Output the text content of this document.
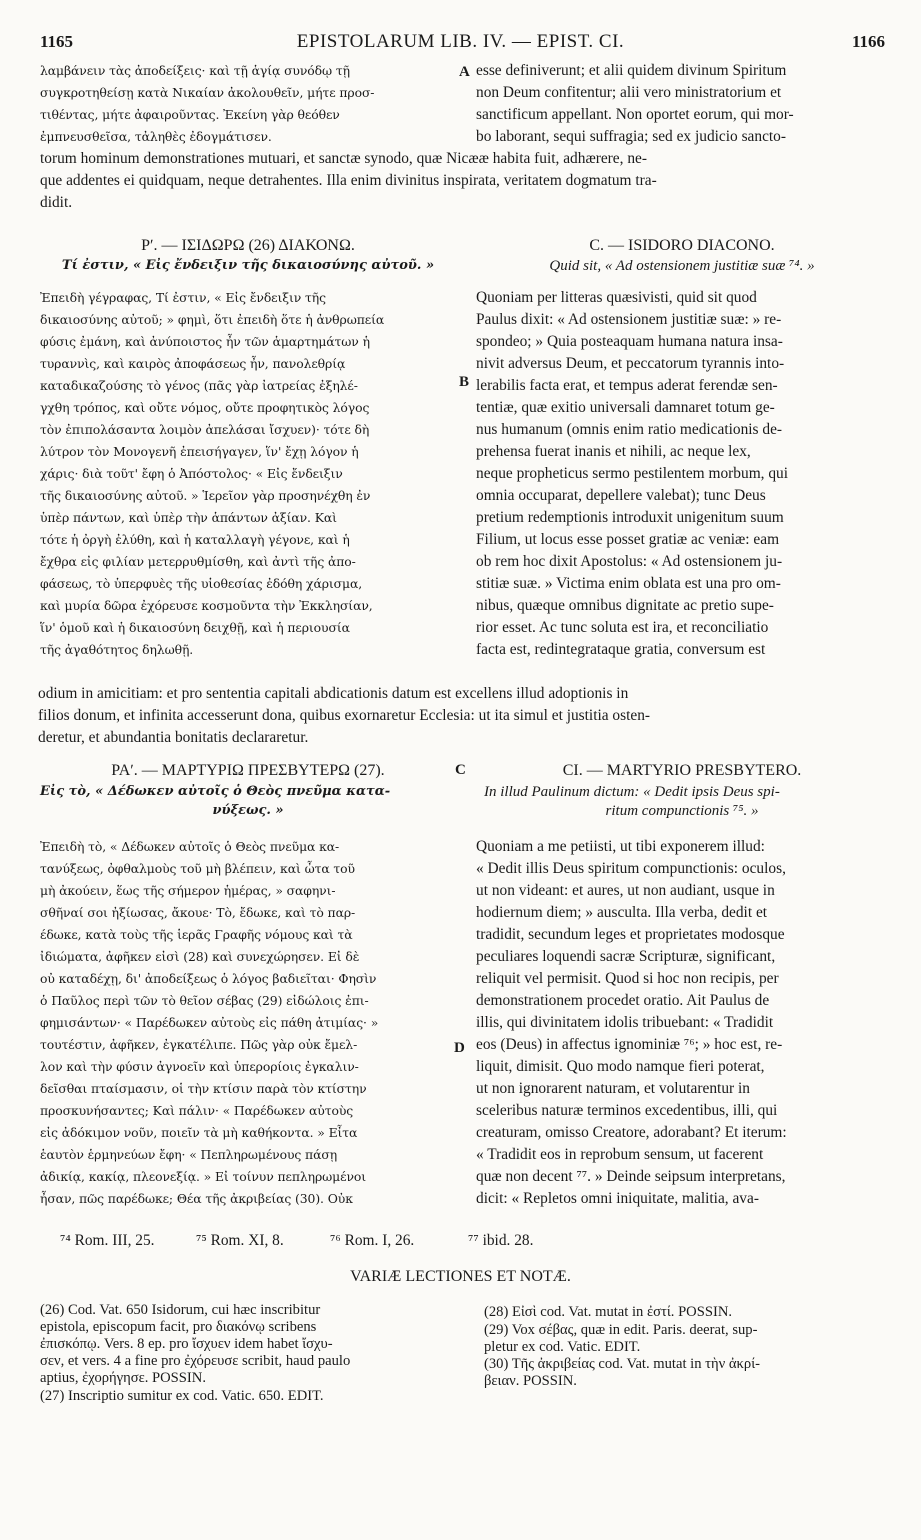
1165	EPISTOLARUM LIB. IV. — EPIST. CI.	1166
A
B
C
D
λαμβάνειν τὰς ἀποδείξεις· καὶ τῇ ἁγίᾳ συνόδῳ τῇ
συγκροτηθείσῃ κατὰ Νικαίαν ἀκολουθεῖν, μήτε προσ-
τιθέντας, μήτε ἀφαιροῦντας. Ἐκείνη γὰρ θεόθεν
ἐμπνευσθεῖσα, τἀληθὲς ἐδογμάτισεν.
esse definiverunt; et alii quidem divinum Spiritum
non Deum confitentur; alii vero ministratorium et
sanctificum appellant. Non oportet eorum, qui mor-
bo laborant, sequi suffragia; sed ex judicio sancto-
torum hominum demonstrationes mutuari, et sanctæ synodo, quæ Nicææ habita fuit, adhærere, ne-
que addentes ei quidquam, neque detrahentes. Illa enim divinitus inspirata, veritatem dogmatum tra-
didit.
Ρʹ. — ΙΣΙΔΩΡΩ (26) ΔΙΑΚΟΝΩ.
Τί ἐστιν, « Εἰς ἔνδειξιν τῆς δικαιοσύνης αὐτοῦ. »
C. — ISIDORO DIACONO.
Quid sit, « Ad ostensionem justitiæ suæ ⁷⁴. »
Ἐπειδὴ γέγραφας, Τί ἐστιν, « Εἰς ἔνδειξιν τῆς
δικαιοσύνης αὐτοῦ; » φημὶ, ὅτι ἐπειδὴ ὅτε ἡ ἀνθρωπεία
φύσις ἐμάνη, καὶ ἀνύποιστος ἦν τῶν ἁμαρτημάτων ἡ
τυραννὶς, καὶ καιρὸς ἀποφάσεως ἦν, πανολεθρίᾳ
καταδικαζούσης τὸ γένος (πᾶς γὰρ ἰατρείας ἐξηλέ-
γχθη τρόπος, καὶ οὔτε νόμος, οὔτε προφητικὸς λόγος
τὸν ἐπιπολάσαντα λοιμὸν ἀπελάσαι ἴσχυεν)· τότε δὴ
λύτρον τὸν Μονογενῆ ἐπεισήγαγεν, ἵν' ἔχῃ λόγον ἡ
χάρις· διὰ τοῦτ' ἔφη ὁ Ἀπόστολος· « Εἰς ἔνδειξιν
τῆς δικαιοσύνης αὐτοῦ. » Ἱερεῖον γὰρ προσηνέχθη ἐν
ὑπὲρ πάντων, καὶ ὑπὲρ τὴν ἁπάντων ἀξίαν. Καὶ
τότε ἡ ὀργὴ ἐλύθη, καὶ ἡ καταλλαγὴ γέγονε, καὶ ἡ
ἔχθρα εἰς φιλίαν μετερρυθμίσθη, καὶ ἀντὶ τῆς ἀπο-
φάσεως, τὸ ὑπερφυὲς τῆς υἱοθεσίας ἐδόθη χάρισμα,
καὶ μυρία δῶρα ἐχόρευσε κοσμοῦντα τὴν Ἐκκλησίαν,
ἵν' ὁμοῦ καὶ ἡ δικαιοσύνη δειχθῇ, καὶ ἡ περιουσία
τῆς ἀγαθότητος δηλωθῇ.
Quoniam per litteras quæsivisti, quid sit quod
Paulus dixit: « Ad ostensionem justitiæ suæ: » re-
spondeo; » Quia posteaquam humana natura insa-
nivit adversus Deum, et peccatorum tyrannis into-
lerabilis facta erat, et tempus aderat ferendæ sen-
tentiæ, quæ exitio universali damnaret totum ge-
nus humanum (omnis enim ratio medicationis de-
prehensa fuerat inanis et nihili, ac neque lex,
neque propheticus sermo pestilentem morbum, qui
omnia occuparat, depellere valebat); tunc Deus
pretium redemptionis introduxit unigenitum suum
Filium, ut locus esse posset gratiæ ac veniæ: eam
ob rem hoc dixit Apostolus: « Ad ostensionem ju-
stitiæ suæ. » Victima enim oblata est una pro om-
nibus, quæque omnibus dignitate ac pretio supe-
rior esset. Ac tunc soluta est ira, et reconciliatio
facta est, redintegrataque gratia, conversum est
odium in amicitiam: et pro sententia capitali abdicationis datum est excellens illud adoptionis in
filios donum, et infinita accesserunt dona, quibus exornaretur Ecclesia: ut ita simul et justitia osten-
deretur, et abundantia bonitatis declararetur.
ΡΑʹ. — ΜΑΡΤΥΡΙΩ ΠΡΕΣΒΥΤΕΡΩ (27).
Εἰς τὸ, « Δέδωκεν αὐτοῖς ὁ Θεὸς πνεῦμα κατα-
νύξεως. »
CI. — MARTYRIO PRESBYTERO.
In illud Paulinum dictum: « Dedit ipsis Deus spi-
ritum compunctionis ⁷⁵. »
Ἐπειδὴ τὸ, « Δέδωκεν αὐτοῖς ὁ Θεὸς πνεῦμα κα-
τανύξεως, ὀφθαλμοὺς τοῦ μὴ βλέπειν, καὶ ὦτα τοῦ
μὴ ἀκούειν, ἕως τῆς σήμερον ἡμέρας, » σαφηνι-
σθῆναί σοι ἠξίωσας, ἄκουε· Τὸ, ἔδωκε, καὶ τὸ παρ-
έδωκε, κατὰ τοὺς τῆς ἱερᾶς Γραφῆς νόμους καὶ τὰ
ἰδιώματα, ἀφῆκεν εἰσὶ (28) καὶ συνεχώρησεν. Εἰ δὲ
οὐ καταδέχῃ, δι' ἀποδείξεως ὁ λόγος βαδιεῖται· Φησὶν
ὁ Παῦλος περὶ τῶν τὸ θεῖον σέβας (29) εἰδώλοις ἐπι-
φημισάντων· « Παρέδωκεν αὐτοὺς εἰς πάθη ἀτιμίας· »
τουτέστιν, ἀφῆκεν, ἐγκατέλιπε. Πῶς γὰρ οὐκ ἔμελ-
λον καὶ τὴν φύσιν ἀγνοεῖν καὶ ὑπερορίοις ἐγκαλιν-
δεῖσθαι πταίσμασιν, οἱ τὴν κτίσιν παρὰ τὸν κτίστην
προσκυνήσαντες; Καὶ πάλιν· « Παρέδωκεν αὐτοὺς
εἰς ἀδόκιμον νοῦν, ποιεῖν τὰ μὴ καθήκοντα. » Εἶτα
ἑαυτὸν ἑρμηνεύων ἔφη· « Πεπληρωμένους πάσῃ
ἀδικίᾳ, κακίᾳ, πλεονεξίᾳ. » Εἰ τοίνυν πεπληρωμένοι
ἦσαν, πῶς παρέδωκε; Θέα τῆς ἀκριβείας (30). Οὐκ
Quoniam a me petiisti, ut tibi exponerem illud:
« Dedit illis Deus spiritum compunctionis: oculos,
ut non videant: et aures, ut non audiant, usque in
hodiernum diem; » ausculta. Illa verba, dedit et
tradidit, secundum leges et proprietates modosque
peculiares loquendi sacræ Scripturæ, significant,
reliquit vel permisit. Quod si hoc non recipis, per
demonstrationem procedet oratio. Ait Paulus de
illis, qui divinitatem idolis tribuebant: « Tradidit
eos (Deus) in affectus ignominiæ ⁷⁶; » hoc est, re-
liquit, dimisit. Quo modo namque fieri poterat,
ut non ignorarent naturam, et volutarentur in
sceleribus naturæ terminos excedentibus, illi, qui
creaturam, omisso Creatore, adorabant? Et iterum:
« Tradidit eos in reprobum sensum, ut facerent
quæ non decent ⁷⁷. » Deinde seipsum interpretans,
dicit: « Repletos omni iniquitate, malitia, ava-
⁷⁴ Rom. III, 25.	⁷⁵ Rom. XI, 8.	⁷⁶ Rom. I, 26.	⁷⁷ ibid. 28.
VARIÆ LECTIONES ET NOTÆ.
(26) Cod. Vat. 650 Isidorum, cui hæc inscribitur
epistola, episcopum facit, pro διακόνῳ scribens
ἐπισκόπῳ. Vers. 8 ep. pro ἴσχυεν idem habet ἴσχυ-
σεν, et vers. 4 a fine pro ἐχόρευσε scribit, haud paulo
aptius, ἐχορήγησε. POSSIN.
(27) Inscriptio sumitur ex cod. Vatic. 650. EDIT.
(28) Εἰσὶ cod. Vat. mutat in ἐστί. POSSIN.
(29) Vox σέβας, quæ in edit. Paris. deerat, sup-
pletur ex cod. Vatic. EDIT.
(30) Τῆς ἀκριβείας cod. Vat. mutat in τὴν ἀκρί-
βειαν. POSSIN.
